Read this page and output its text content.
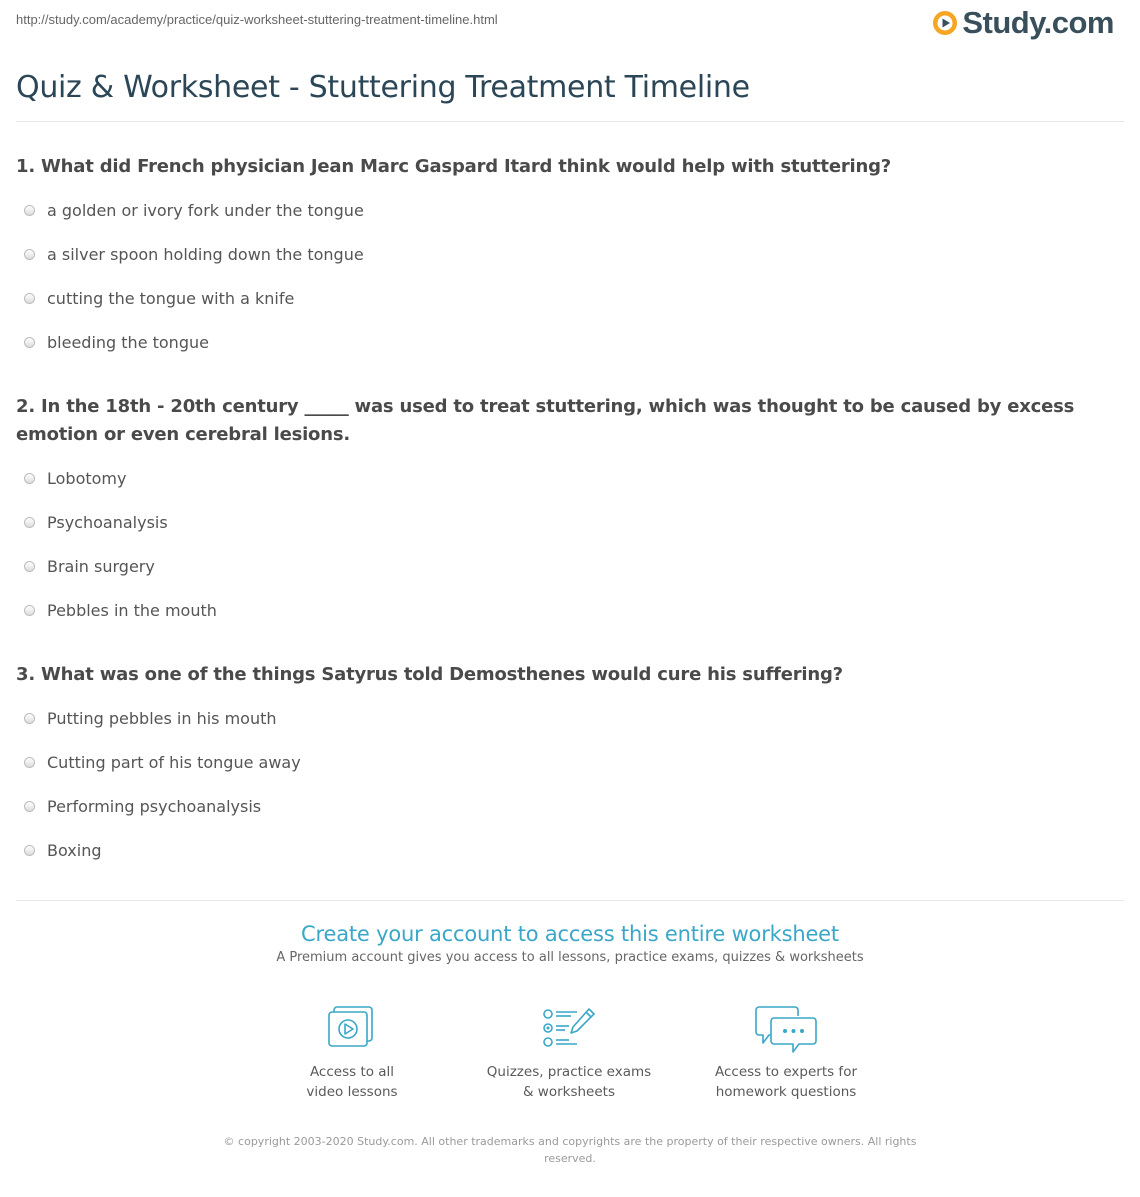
http://study.com/academy/practice/quiz-worksheet-stuttering-treatment-timeline.html	Study.com
Quiz & Worksheet - Stuttering Treatment Timeline

1. What did French physician Jean Marc Gaspard Itard think would help with stuttering?

a golden or ivory fork under the tongue
a silver spoon holding down the tongue
cutting the tongue with a knife
bleeding the tongue

2. In the 18th - 20th century _____ was used to treat stuttering, which was thought to be caused by excess emotion or even cerebral lesions.

Lobotomy
Psychoanalysis
Brain surgery
Pebbles in the mouth

3. What was one of the things Satyrus told Demosthenes would cure his suffering?

Putting pebbles in his mouth
Cutting part of his tongue away
Performing psychoanalysis
Boxing
Create your account to access this entire worksheet
A Premium account gives you access to all lessons, practice exams, quizzes & worksheets
Access to all
video lessons
Quizzes, practice exams
& worksheets
Access to experts for
homework questions
© copyright 2003-2020 Study.com. All other trademarks and copyrights are the property of their respective owners. All rights
reserved.
